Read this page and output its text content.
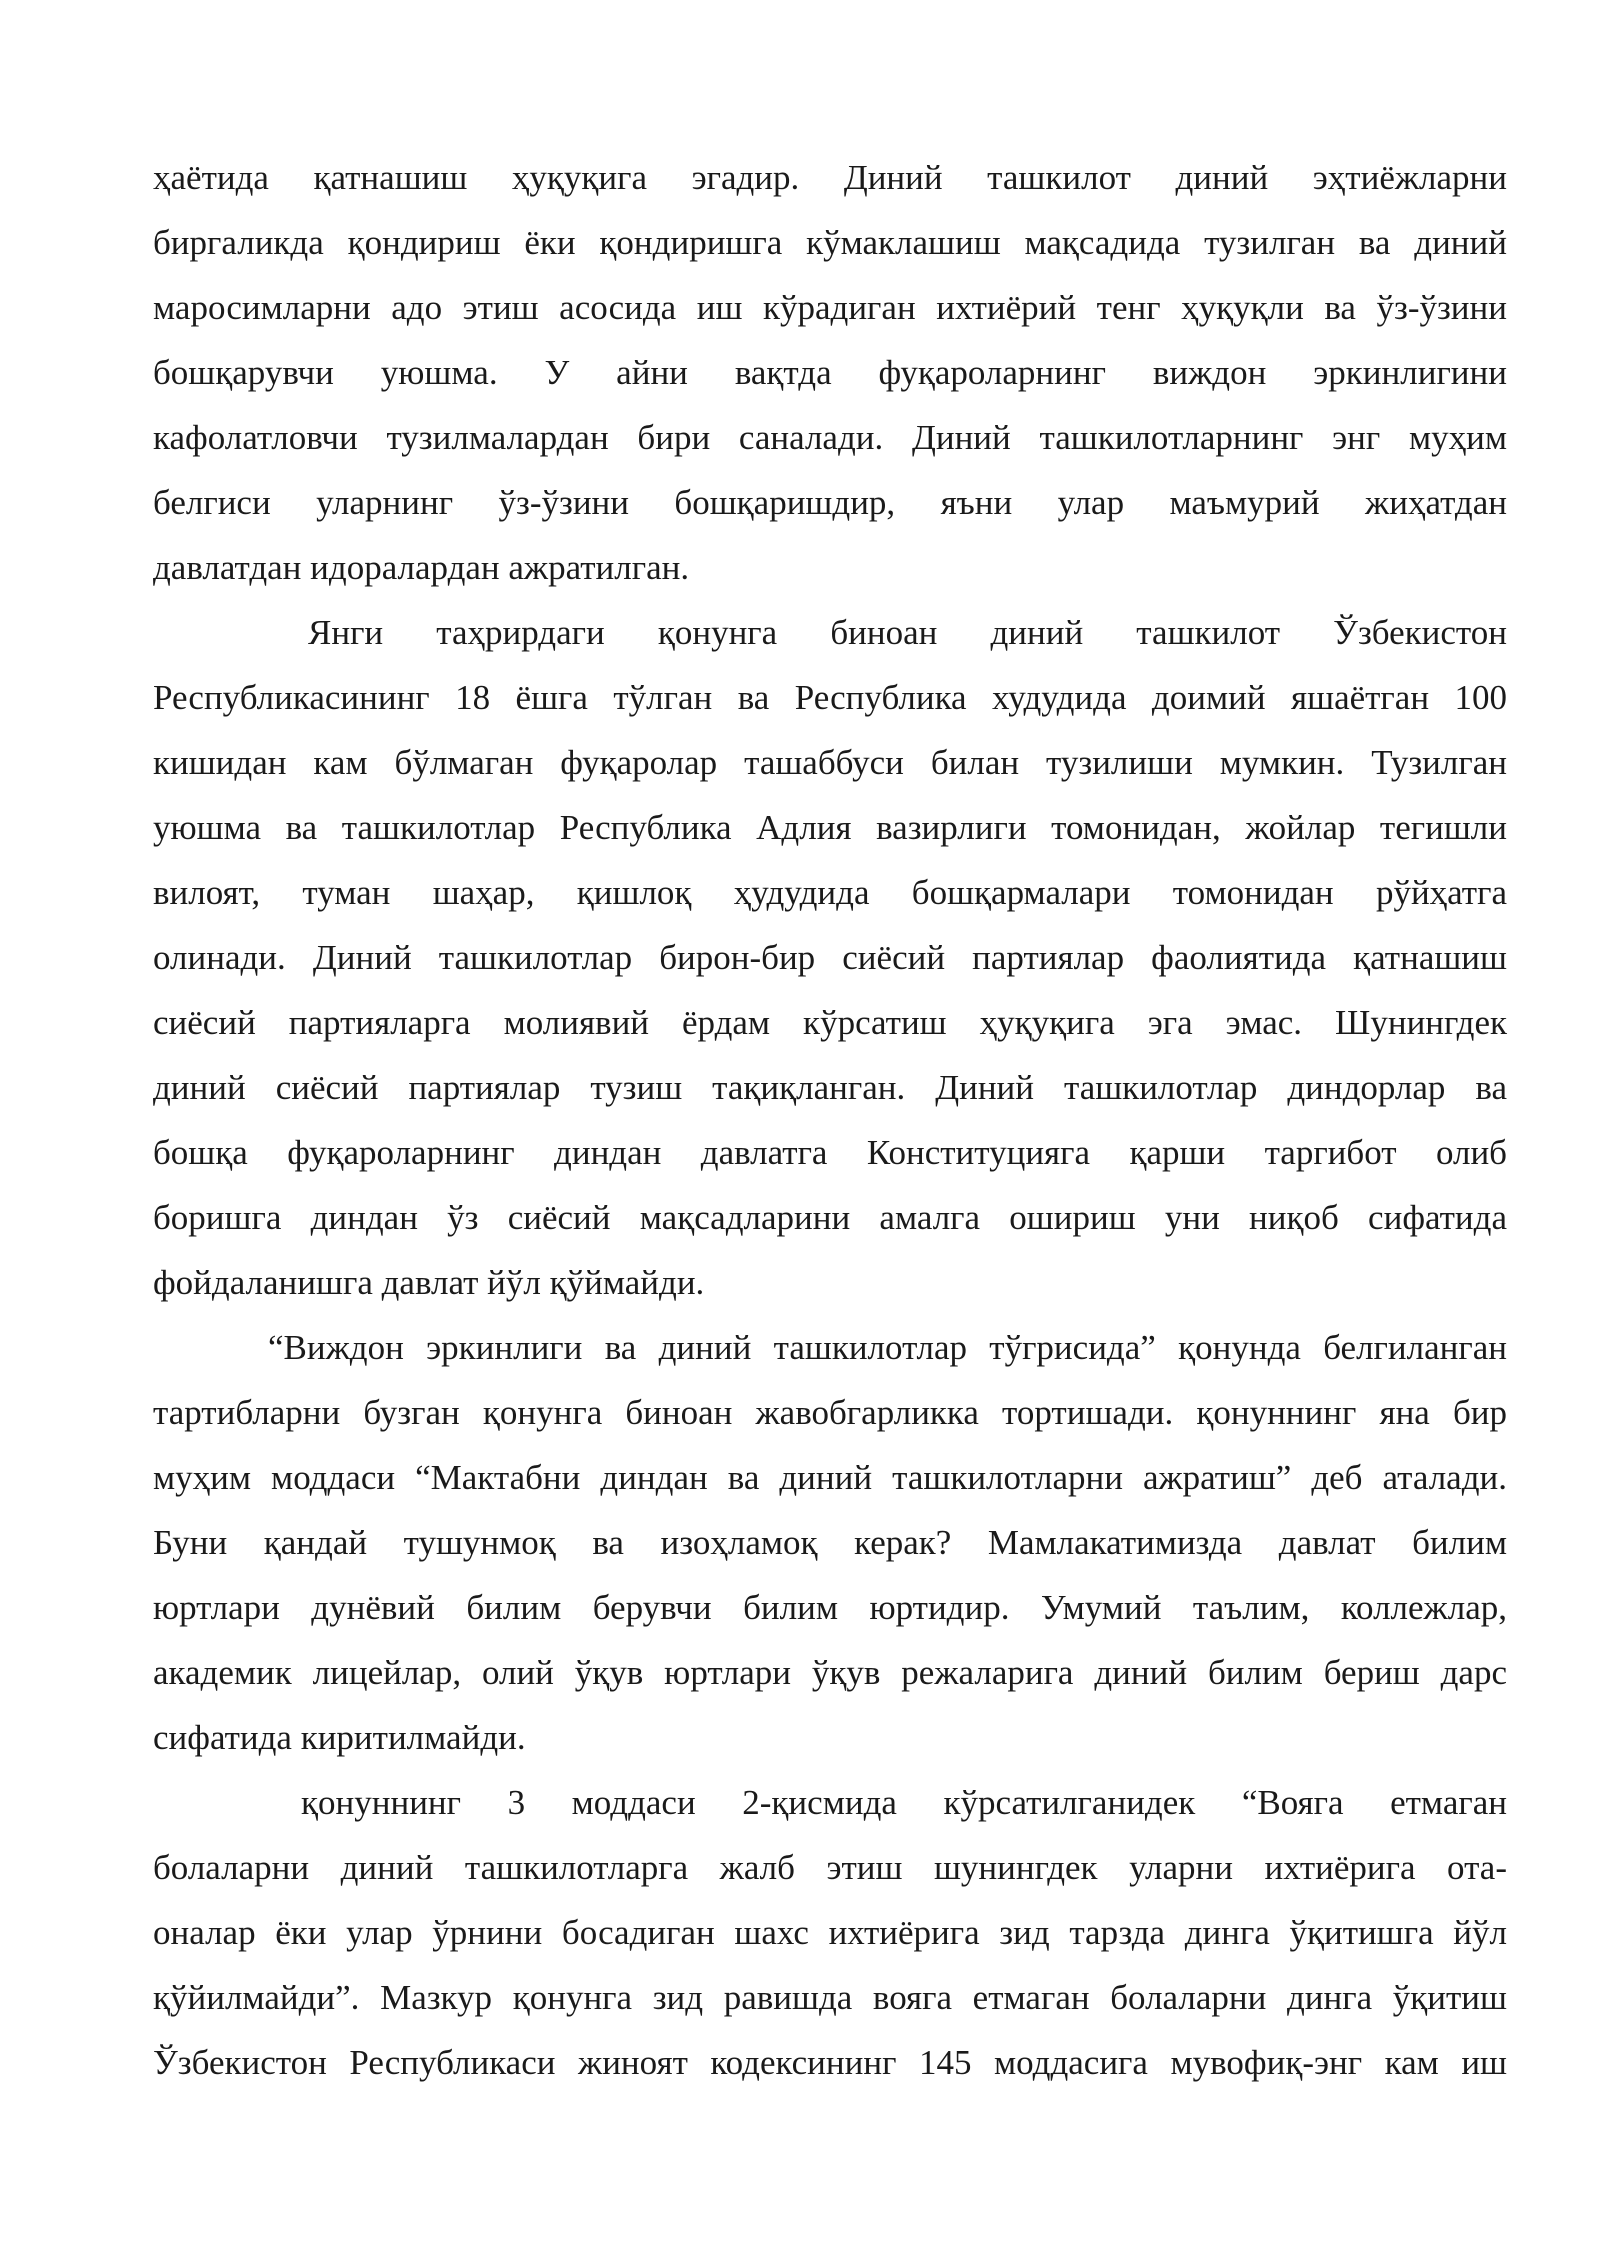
ҳаётида қатнашиш ҳуқуқига эгадир. Диний ташкилот диний эҳтиёжларни
биргаликда қондириш ёки қондиришга кўмаклашиш мақсадида тузилган ва диний
маросимларни адо этиш асосида иш кўрадиган ихтиёрий тенг ҳуқуқли ва ўз-ўзини
бошқарувчи уюшма. У айни вақтда фуқароларнинг виждон эркинлигини
кафолатловчи тузилмалардан бири саналади. Диний ташкилотларнинг энг муҳим
белгиси уларнинг ўз-ўзини бошқаришдир, яъни улар маъмурий жиҳатдан
давлатдан идоралардан ажратилган.
Янги таҳрирдаги қонунга биноан диний ташкилот Ўзбекистон
Республикасининг 18 ёшга тўлган ва Республика худудида доимий яшаётган 100
кишидан кам бўлмаган фуқаролар ташаббуси билан тузилиши мумкин. Тузилган
уюшма ва ташкилотлар Республика Адлия вазирлиги томонидан, жойлар тегишли
вилоят, туман шаҳар, қишлоқ ҳудудида бошқармалари томонидан рўйҳатга
олинади. Диний ташкилотлар бирон-бир сиёсий партиялар фаолиятида қатнашиш
сиёсий партияларга молиявий ёрдам кўрсатиш ҳуқуқига эга эмас. Шунингдек
диний сиёсий партиялар тузиш тақиқланган. Диний ташкилотлар диндорлар ва
бошқа фуқароларнинг диндан давлатга Конституцияга қарши таргибот олиб
боришга диндан ўз сиёсий мақсадларини амалга ошириш уни ниқоб сифатида
фойдаланишга давлат йўл қўймайди.
“Виждон эркинлиги ва диний ташкилотлар тўгрисида” қонунда белгиланган
тартибларни бузган қонунга биноан жавобгарликка тортишади. қонуннинг яна бир
муҳим моддаси “Мактабни диндан ва диний ташкилотларни ажратиш” деб аталади.
Буни қандай тушунмоқ ва изоҳламоқ керак? Мамлакатимизда давлат билим
юртлари дунёвий билим берувчи билим юртидир. Умумий таълим, коллежлар,
академик лицейлар, олий ўқув юртлари ўқув режаларига диний билим бериш дарс
сифатида киритилмайди.
қонуннинг 3 моддаси 2-қисмида кўрсатилганидек “Вояга етмаган
болаларни диний ташкилотларга жалб этиш шунингдек уларни ихтиёрига ота-
оналар ёки улар ўрнини босадиган шахс ихтиёрига зид тарзда динга ўқитишга йўл
қўйилмайди”. Мазкур қонунга зид равишда вояга етмаган болаларни динга ўқитиш
Ўзбекистон Республикаси жиноят кодексининг 145 моддасига мувофиқ-энг кам иш
